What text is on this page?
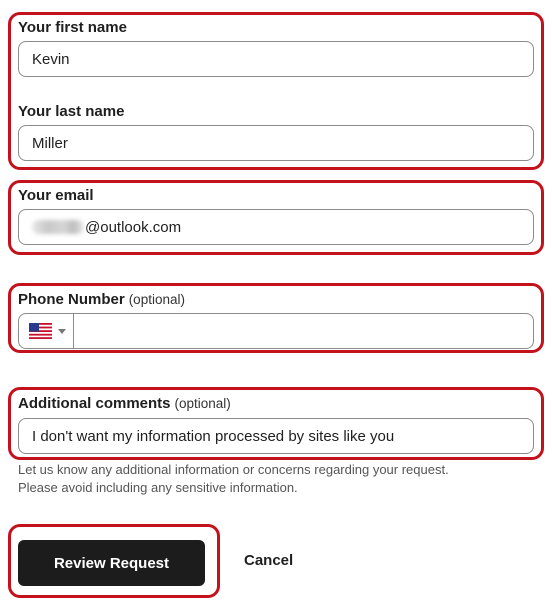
Your first name
Kevin
Your last name
Miller
Your email
@outlook.com
Phone Number (optional)
Additional comments (optional)
I don't want my information processed by sites like you
Let us know any additional information or concerns regarding your request.
Please avoid including any sensitive information.
Review Request	Cancel
